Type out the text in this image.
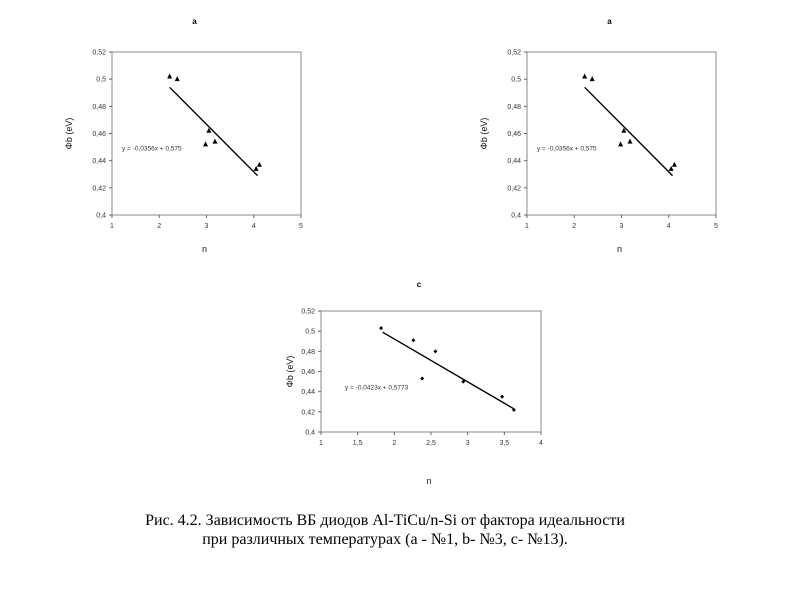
a
0,4
0,42
0,44
0,46
0,48
0,5
0,52
1	2	3	4	5
n
Φb (eV)	y = -0,0356x + 0,575
a
0,4
0,42
0,44
0,46
0,48
0,5
0,52
1	2	3	4	5
n
Φb (eV)	y = -0,0356x + 0,575
c
0,4
0,42
0,44
0,46
0,48
0,5
0,52
1	1,5	2	2,5	3	3,5	4
n
Φb (eV)
y = -0,0423x + 0,5773
Рис. 4.2. Зависимость ВБ диодов Al-TiCu/n-Si от фактора идеальности
при различных температурах (а - №1, b- №3, c- №13).
